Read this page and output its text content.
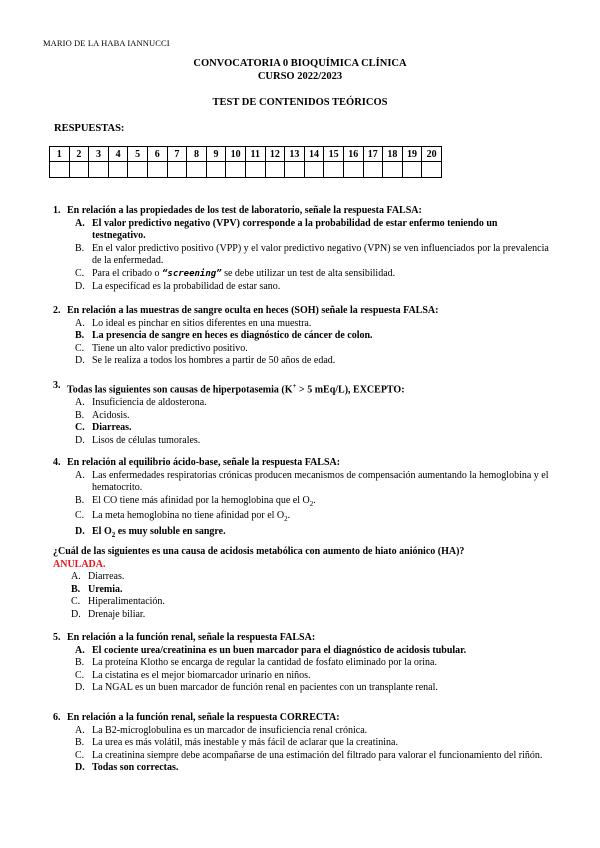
MARIO DE LA HABA IANNUCCI
CONVOCATORIA 0 BIOQUÍMICA CLÍNICA
CURSO 2022/2023
TEST DE CONTENIDOS TEÓRICOS
RESPUESTAS:
1	2	3	4	5	6	7	8	9	10	11	12	13	14	15	16	17	18	19	20

1. En relación a las propiedades de los test de laboratorio, señale la respuesta FALSA:
A. El valor predictivo negativo (VPV) corresponde a la probabilidad de estar enfermo teniendo un testnegativo.
B. En el valor predictivo positivo (VPP) y el valor predictivo negativo (VPN) se ven influenciados por la prevalencia de la enfermedad.
C. Para el cribado o “screening” se debe utilizar un test de alta sensibilidad.
D. La especifícad es la probabilidad de estar sano.
2. En relación a las muestras de sangre oculta en heces (SOH) señale la respuesta FALSA:
A. Lo ideal es pinchar en sitios diferentes en una muestra.
B. La presencia de sangre en heces es diagnóstico de cáncer de colon.
C. Tiene un alto valor predictivo positivo.
D. Se le realiza a todos los hombres a partir de 50 años de edad.
3. Todas las siguientes son causas de hiperpotasemia (K+ > 5 mEq/L), EXCEPTO:
A. Insuficiencia de aldosterona.
B. Acidosis.
C. Diarreas.
D. Lisos de células tumorales.
4. En relación al equilibrio ácido-base, señale la respuesta FALSA:
A. Las enfermedades respiratorias crónicas producen mecanismos de compensación aumentando la hemoglobina y el hematocrito.
B. El CO tiene más afinidad por la hemoglobina que el $O_2$.
C. La meta hemoglobina no tiene afinidad por el $O_2$.
D. El $O_2$ es muy soluble en sangre.
¿Cuál de las siguientes es una causa de acidosis metabólica con aumento de hiato aniónico (HA)?
ANULADA.
A. Diarreas.
B. Uremia.
C. Hiperalimentación.
D. Drenaje biliar.
5. En relación a la función renal, señale la respuesta FALSA:
A. El cociente urea/creatinina es un buen marcador para el diagnóstico de acidosis tubular.
B. La proteína Klotho se encarga de regular la cantidad de fosfato eliminado por la orina.
C. La cistatina es el mejor biomarcador urinario en niños.
D. La NGAL es un buen marcador de función renal en pacientes con un transplante renal.
6. En relación a la función renal, señale la respuesta CORRECTA:
A. La B2-microglobulina es un marcador de insuficiencia renal crónica.
B. La urea es más volátil, más inestable y más fácil de aclarar que la creatinina.
C. La creatinina siempre debe acompañarse de una estimación del filtrado para valorar el funcionamiento del riñón.
D. Todas son correctas.
